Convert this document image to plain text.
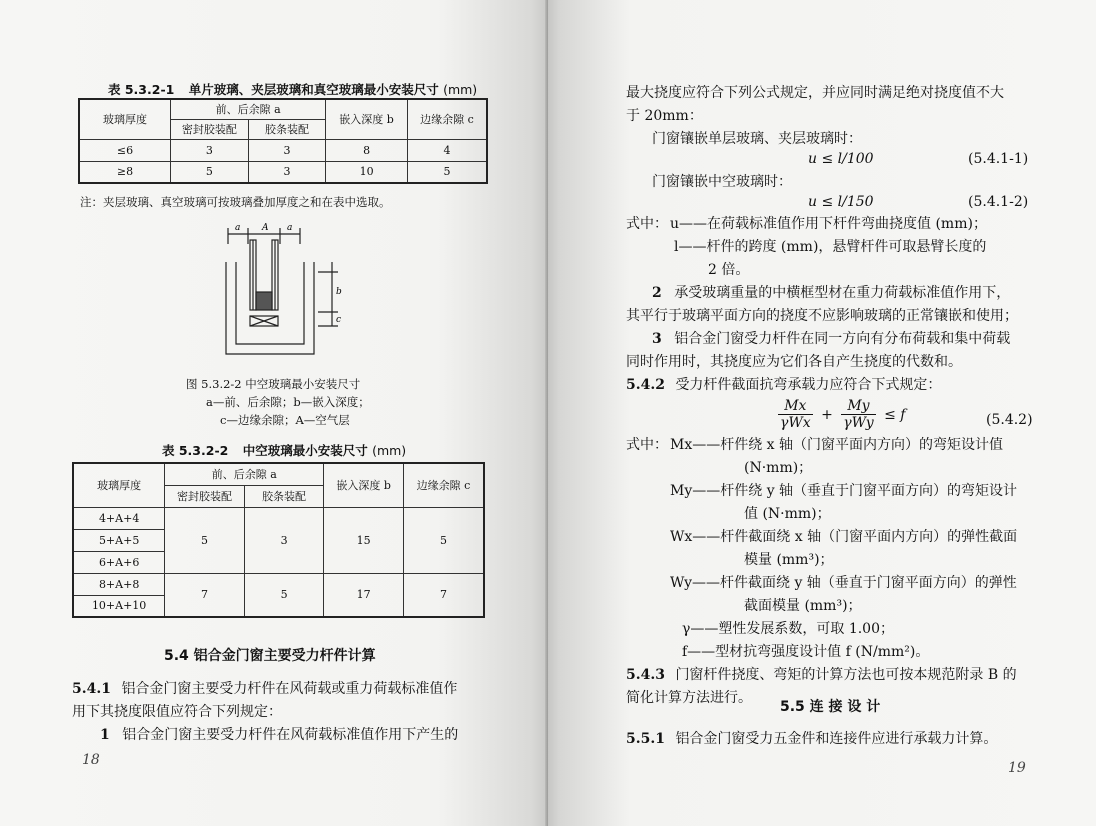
表 5.3.2-1 单片玻璃、夹层玻璃和真空玻璃最小安装尺寸 (mm)
玻璃厚度	前、后余隙 a		嵌入深度 b	边缘余隙 c
	密封胶装配	胶条装配		
≤6	3	3	8	4
≥8	5	3	10	5
注：夹层玻璃、真空玻璃可按玻璃叠加厚度之和在表中选取。
a A a
b
c
图 5.3.2-2 中空玻璃最小安装尺寸
a—前、后余隙；b—嵌入深度；
c—边缘余隙；A—空气层
表 5.3.2-2 中空玻璃最小安装尺寸 (mm)
玻璃厚度	前、后余隙 a		嵌入深度 b	边缘余隙 c
	密封胶装配	胶条装配		
4+A+4	5	3	15	5
5+A+5				
6+A+6				
8+A+8	7	5	17	7
10+A+10				
5.4 铝合金门窗主要受力杆件计算
5.4.1 铝合金门窗主要受力杆件在风荷载或重力荷载标准值作
用下其挠度限值应符合下列规定：
1 铝合金门窗主要受力杆件在风荷载标准值作用下产生的
18
最大挠度应符合下列公式规定，并应同时满足绝对挠度值不大
于 20mm：
门窗镶嵌单层玻璃、夹层玻璃时：
u ≤ l/100	(5.4.1-1)
门窗镶嵌中空玻璃时：
u ≤ l/150	(5.4.1-2)
式中： u——在荷载标准值作用下杆件弯曲挠度值 (mm)；
l——杆件的跨度 (mm)，悬臂杆件可取悬臂长度的
2 倍。
2 承受玻璃重量的中横框型材在重力荷载标准值作用下，
其平行于玻璃平面方向的挠度不应影响玻璃的正常镶嵌和使用；
3 铝合金门窗受力杆件在同一方向有分布荷载和集中荷载
同时作用时，其挠度应为它们各自产生挠度的代数和。
5.4.2 受力杆件截面抗弯承载力应符合下式规定：
Mx
γWx
+
My
γWy
≤ f	(5.4.2)
式中： Mx——杆件绕 x 轴（门窗平面内方向）的弯矩设计值
(N·mm)；
My——杆件绕 y 轴（垂直于门窗平面方向）的弯矩设计
值 (N·mm)；
Wx——杆件截面绕 x 轴（门窗平面内方向）的弹性截面
模量 (mm³)；
Wy——杆件截面绕 y 轴（垂直于门窗平面方向）的弹性
截面模量 (mm³)；
γ——塑性发展系数，可取 1.00；
f——型材抗弯强度设计值 f (N/mm²)。
5.4.3 门窗杆件挠度、弯矩的计算方法也可按本规范附录 B 的
简化计算方法进行。
5.5 连 接 设 计
5.5.1 铝合金门窗受力五金件和连接件应进行承载力计算。
19
